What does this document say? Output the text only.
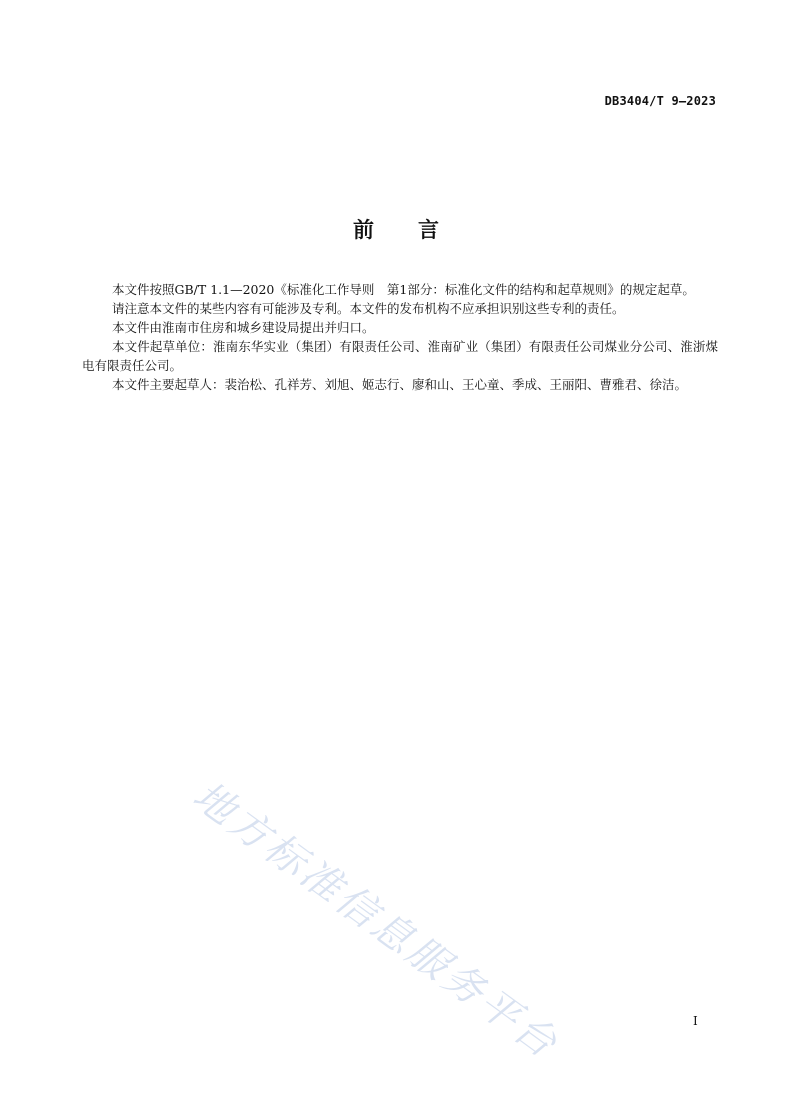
DB3404/T 9—2023
前言

本文件按照GB/T 1.1—2020《标准化工作导则　第1部分：标准化文件的结构和起草规则》的规定起草。

请注意本文件的某些内容有可能涉及专利。本文件的发布机构不应承担识别这些专利的责任。

本文件由淮南市住房和城乡建设局提出并归口。

本文件起草单位：淮南东华实业（集团）有限责任公司、淮南矿业（集团）有限责任公司煤业分公司、淮浙煤电有限责任公司。

本文件主要起草人：裴治松、孔祥芳、刘旭、姬志行、廖和山、王心童、季成、王丽阳、曹雅君、徐洁。

地方标准信息服务平台	I
